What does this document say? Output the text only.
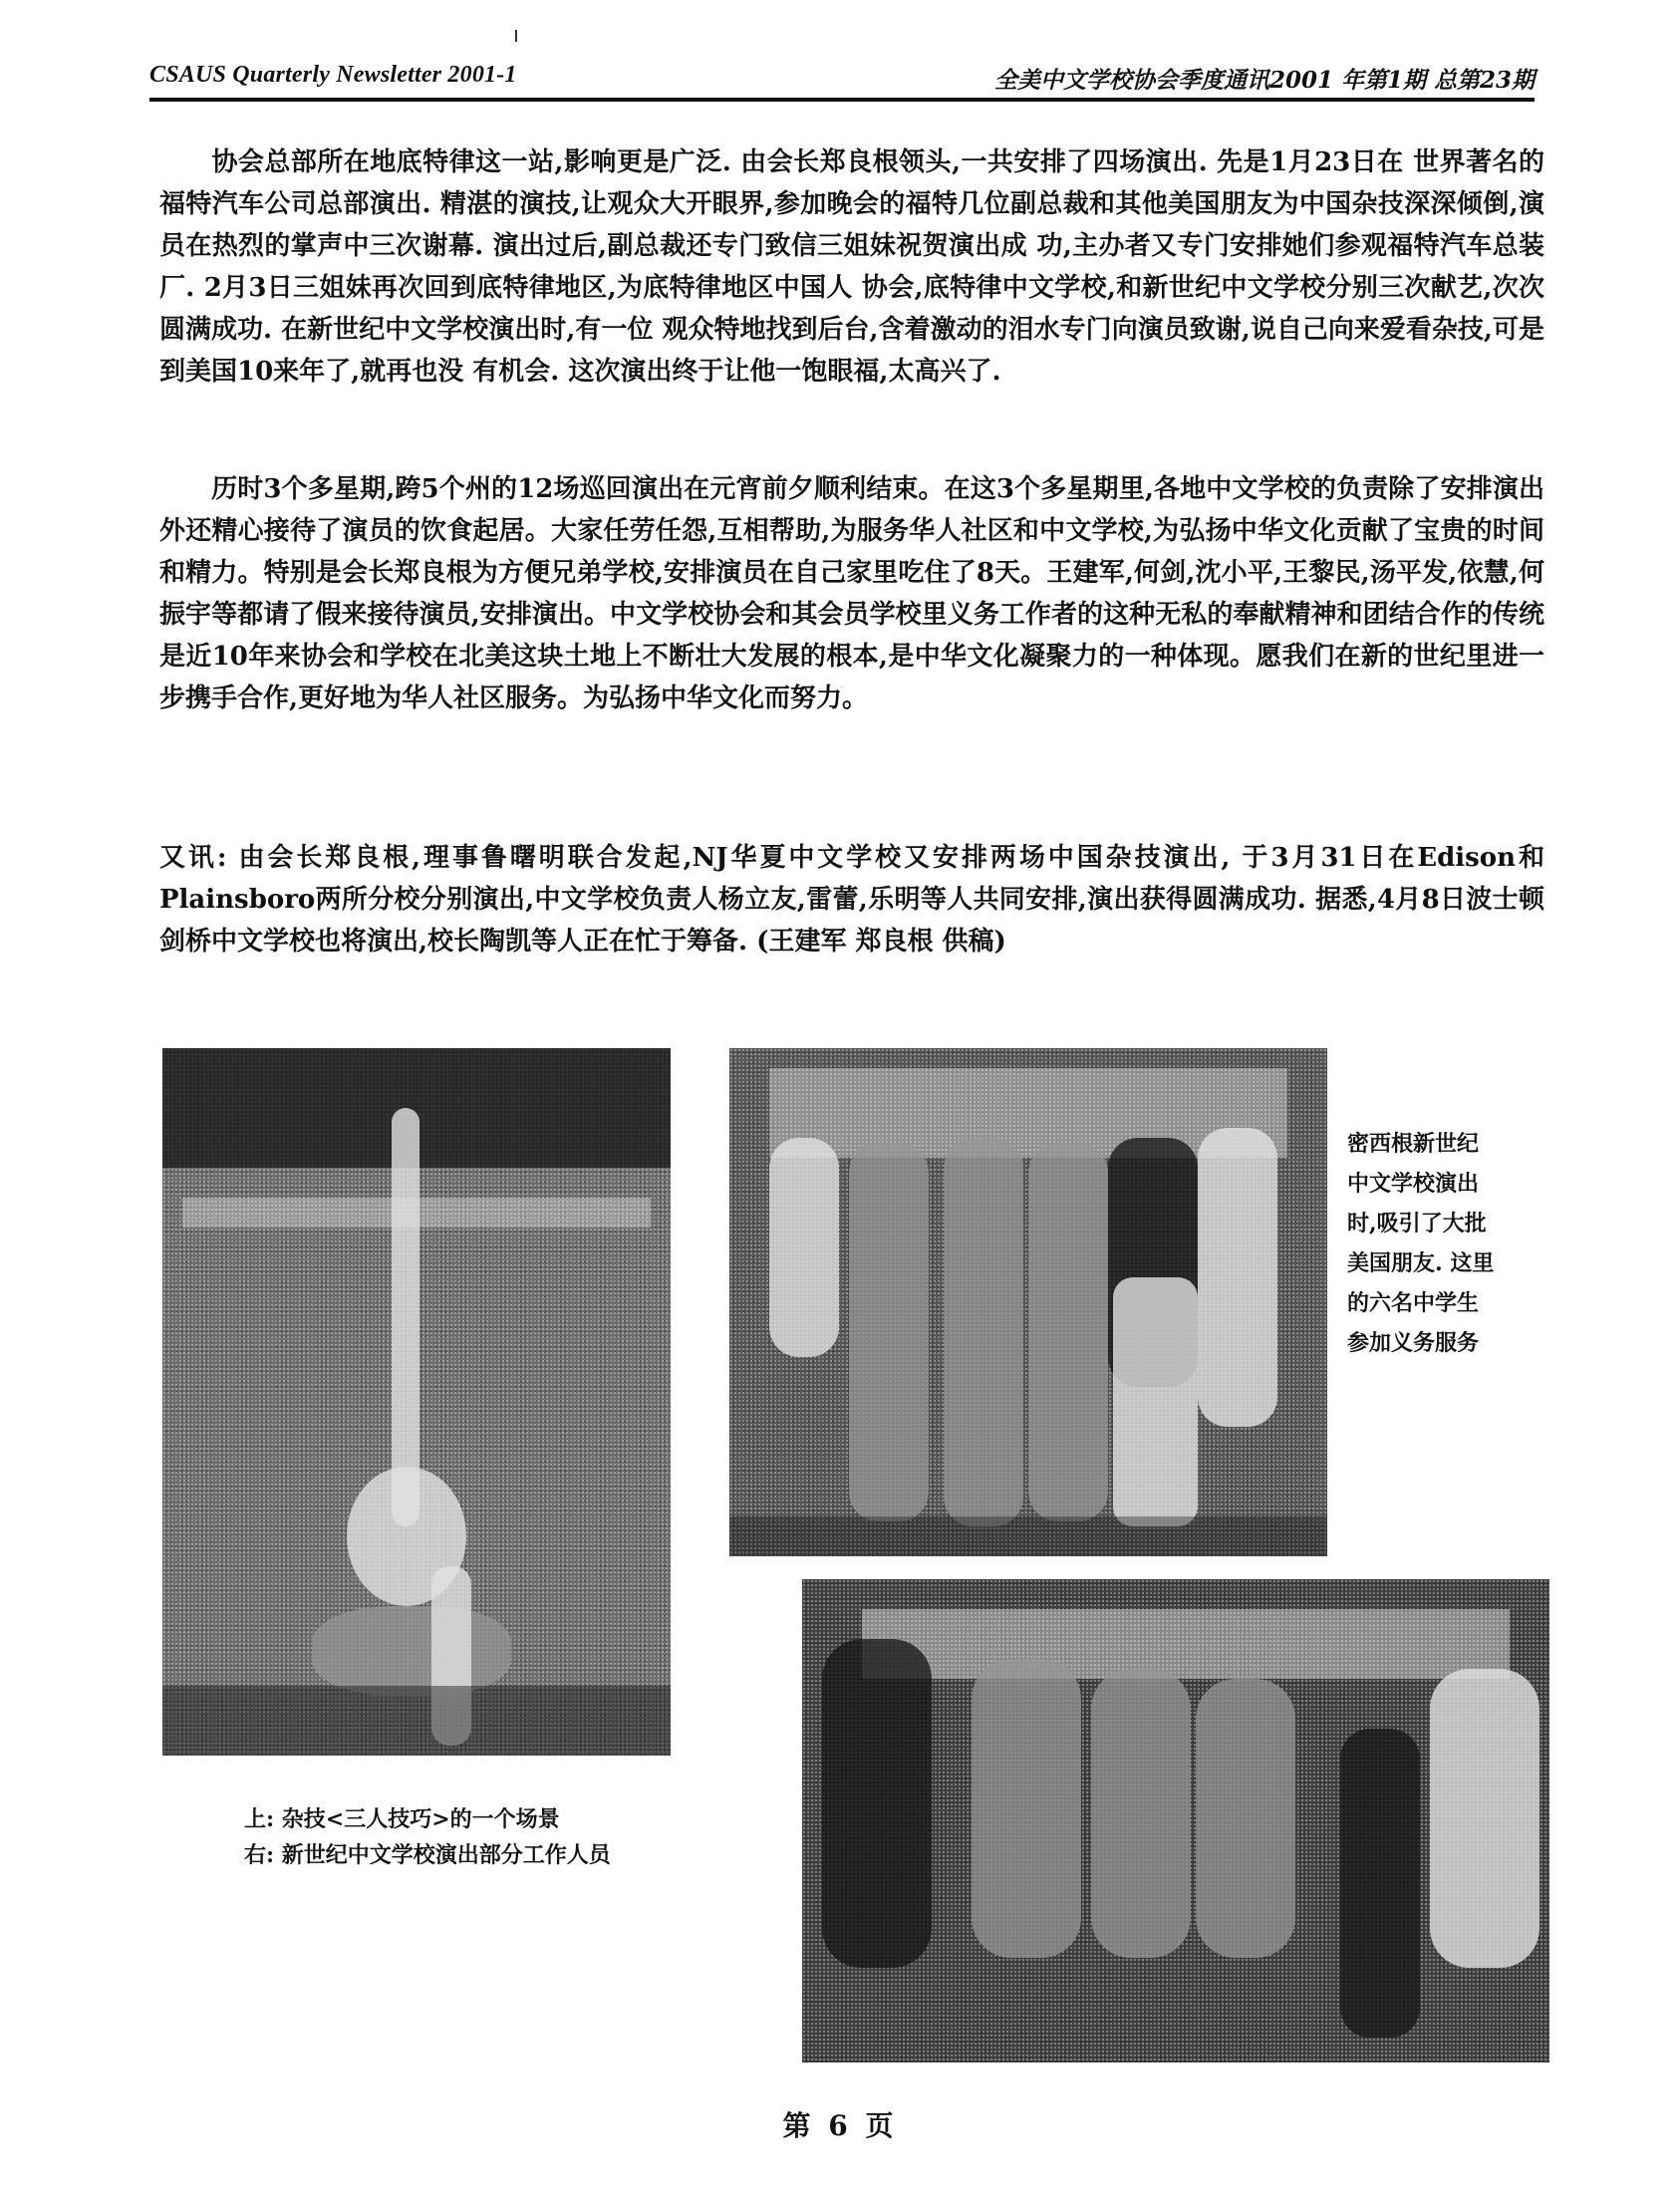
CSAUS Quarterly Newsletter 2001-1	全美中文学校协会季度通讯2001 年第1期 总第23期

协会总部所在地底特律这一站,影响更是广泛. 由会长郑良根领头,一共安排了四场演出. 先是1月23日在 世界著名的福特汽车公司总部演出. 精湛的演技,让观众大开眼界,参加晚会的福特几位副总裁和其他美国朋友为中国杂技深深倾倒,演员在热烈的掌声中三次谢幕. 演出过后,副总裁还专门致信三姐妹祝贺演出成 功,主办者又专门安排她们参观福特汽车总装厂. 2月3日三姐妹再次回到底特律地区,为底特律地区中国人 协会,底特律中文学校,和新世纪中文学校分别三次献艺,次次圆满成功. 在新世纪中文学校演出时,有一位 观众特地找到后台,含着激动的泪水专门向演员致谢,说自己向来爱看杂技,可是到美国10来年了,就再也没 有机会. 这次演出终于让他一饱眼福,太高兴了.

历时3个多星期,跨5个州的12场巡回演出在元宵前夕顺利结束。在这3个多星期里,各地中文学校的负责除了安排演出外还精心接待了演员的饮食起居。大家任劳任怨,互相帮助,为服务华人社区和中文学校,为弘扬中华文化贡献了宝贵的时间和精力。特别是会长郑良根为方便兄弟学校,安排演员在自己家里吃住了8天。王建军,何剑,沈小平,王黎民,汤平发,依慧,何振宇等都请了假来接待演员,安排演出。中文学校协会和其会员学校里义务工作者的这种无私的奉献精神和团结合作的传统是近10年来协会和学校在北美这块土地上不断壮大发展的根本,是中华文化凝聚力的一种体现。愿我们在新的世纪里进一步携手合作,更好地为华人社区服务。为弘扬中华文化而努力。

又讯: 由会长郑良根,理事鲁曙明联合发起,NJ华夏中文学校又安排两场中国杂技演出, 于3月31日在Edison和Plainsboro两所分校分别演出,中文学校负责人杨立友,雷蕾,乐明等人共同安排,演出获得圆满成功. 据悉,4月8日波士顿剑桥中文学校也将演出,校长陶凯等人正在忙于筹备. (王建军 郑良根 供稿)

密西根新世纪
中文学校演出
时,吸引了大批
美国朋友. 这里
的六名中学生
参加义务服务
上: 杂技<三人技巧>的一个场景
右: 新世纪中文学校演出部分工作人员
第 6 页
